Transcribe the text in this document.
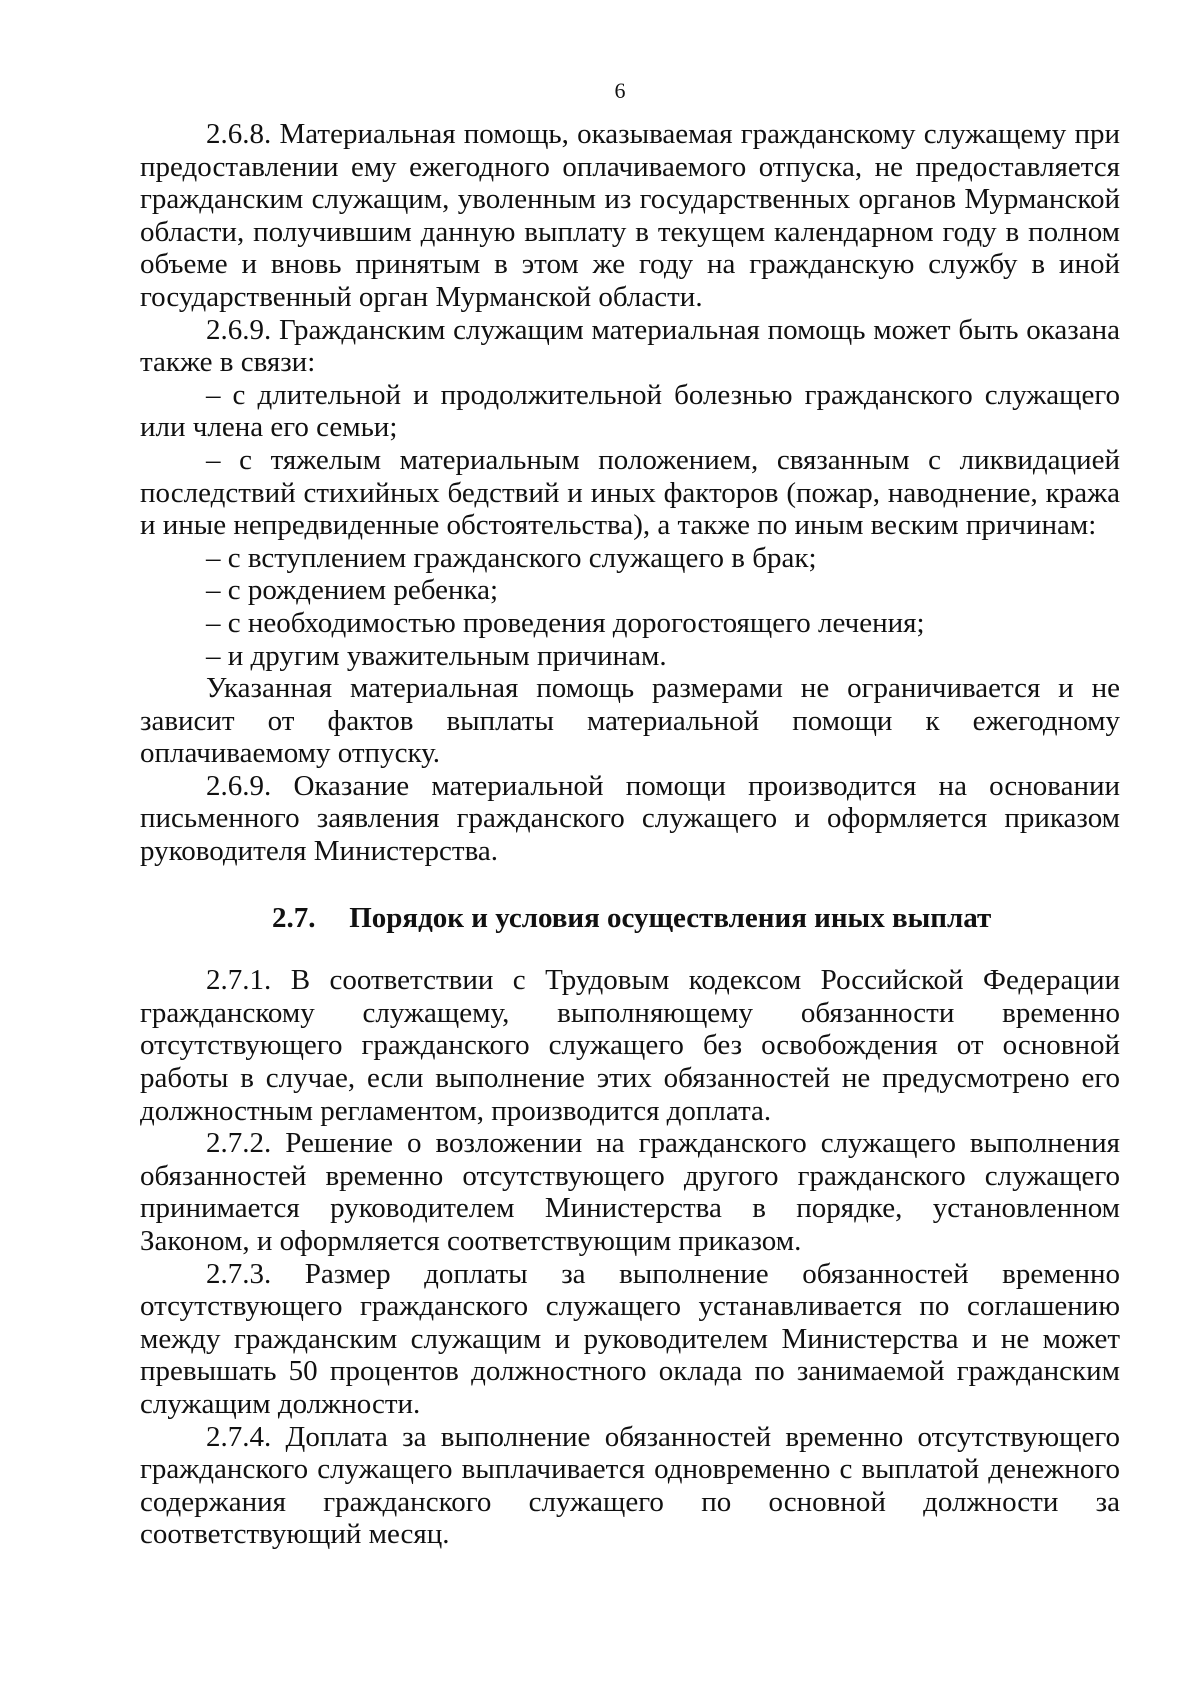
6

2.6.8. Материальная помощь, оказываемая гражданскому служащему при предоставлении ему ежегодного оплачиваемого отпуска, не предоставляется гражданским служащим, уволенным из государственных органов Мурманской области, получившим данную выплату в текущем календарном году в полном объеме и вновь принятым в этом же году на гражданскую службу в иной государственный орган Мурманской области.

2.6.9. Гражданским служащим материальная помощь может быть оказана также в связи:

– с длительной и продолжительной болезнью гражданского служащего или члена его семьи;

– с тяжелым материальным положением, связанным с ликвидацией последствий стихийных бедствий и иных факторов (пожар, наводнение, кража и иные непредвиденные обстоятельства), а также по иным веским причинам:

– с вступлением гражданского служащего в брак;

– с рождением ребенка;

– с необходимостью проведения дорогостоящего лечения;

– и другим уважительным причинам.

Указанная материальная помощь размерами не ограничивается и не зависит от фактов выплаты материальной помощи к ежегодному оплачиваемому отпуску.

2.6.9. Оказание материальной помощи производится на основании письменного заявления гражданского служащего и оформляется приказом руководителя Министерства.

2.7. Порядок и условия осуществления иных выплат

2.7.1. В соответствии с Трудовым кодексом Российской Федерации гражданскому служащему, выполняющему обязанности временно отсутствующего гражданского служащего без освобождения от основной работы в случае, если выполнение этих обязанностей не предусмотрено его должностным регламентом, производится доплата.

2.7.2. Решение о возложении на гражданского служащего выполнения обязанностей временно отсутствующего другого гражданского служащего принимается руководителем Министерства в порядке, установленном Законом, и оформляется соответствующим приказом.

2.7.3. Размер доплаты за выполнение обязанностей временно отсутствующего гражданского служащего устанавливается по соглашению между гражданским служащим и руководителем Министерства и не может превышать 50 процентов должностного оклада по занимаемой гражданским служащим должности.

2.7.4. Доплата за выполнение обязанностей временно отсутствующего гражданского служащего выплачивается одновременно с выплатой денежного содержания гражданского служащего по основной должности за соответствующий месяц.
